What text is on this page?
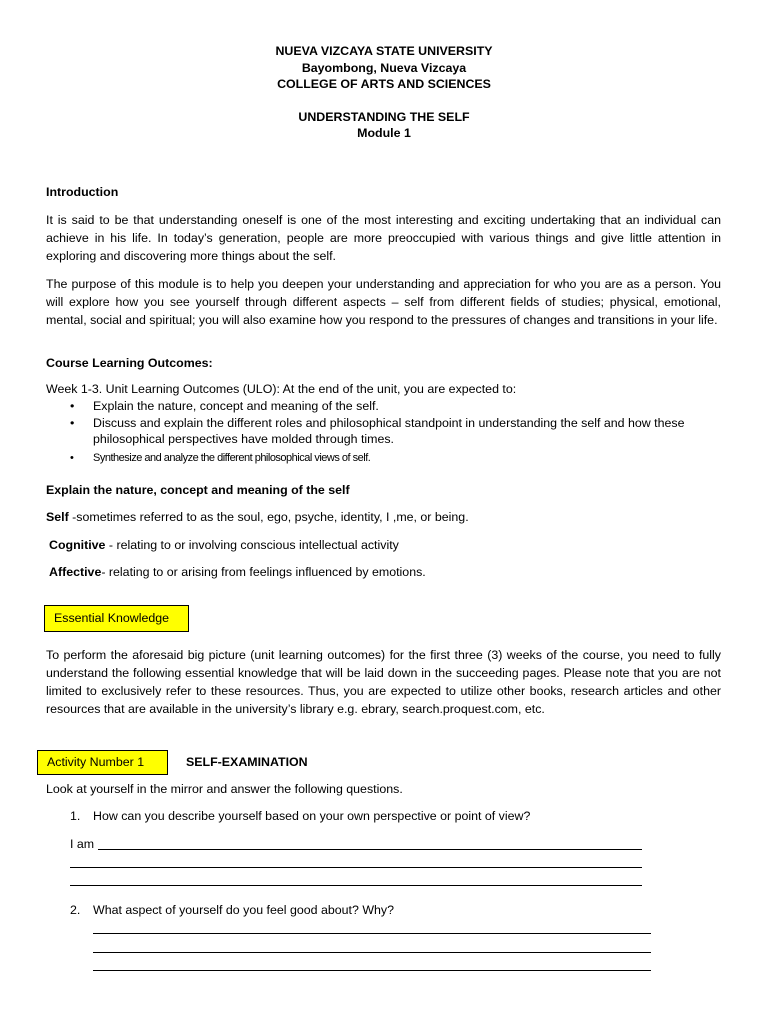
NUEVA VIZCAYA STATE UNIVERSITY
Bayombong, Nueva Vizcaya
COLLEGE OF ARTS AND SCIENCES
UNDERSTANDING THE SELF
Module 1
Introduction
It is said to be that understanding oneself is one of the most interesting and exciting undertaking that an individual can achieve in his life. In today’s generation, people are more preoccupied with various things and give little attention in exploring and discovering more things about the self.
The purpose of this module is to help you deepen your understanding and appreciation for who you are as a person. You will explore how you see yourself through different aspects – self from different fields of studies; physical, emotional, mental, social and spiritual; you will also examine how you respond to the pressures of changes and transitions in your life.
Course Learning Outcomes:
Week 1-3. Unit Learning Outcomes (ULO): At the end of the unit, you are expected to:
• Explain the nature, concept and meaning of the self.
• Discuss and explain the different roles and philosophical standpoint in understanding the self and how these philosophical perspectives have molded through times.
• Synthesize and analyze the different philosophical views of self.
Explain the nature, concept and meaning of the self
Self -sometimes referred to as the soul, ego, psyche, identity, I ,me, or being.
Cognitive - relating to or involving conscious intellectual activity
Affective- relating to or arising from feelings influenced by emotions.
Essential Knowledge
To perform the aforesaid big picture (unit learning outcomes) for the first three (3) weeks of the course, you need to fully understand the following essential knowledge that will be laid down in the succeeding pages. Please note that you are not limited to exclusively refer to these resources. Thus, you are expected to utilize other books, research articles and other resources that are available in the university’s library e.g. ebrary, search.proquest.com, etc.
Activity Number 1	SELF-EXAMINATION
Look at yourself in the mirror and answer the following questions.
1. How can you describe yourself based on your own perspective or point of view?
I am
2. What aspect of yourself do you feel good about? Why?
